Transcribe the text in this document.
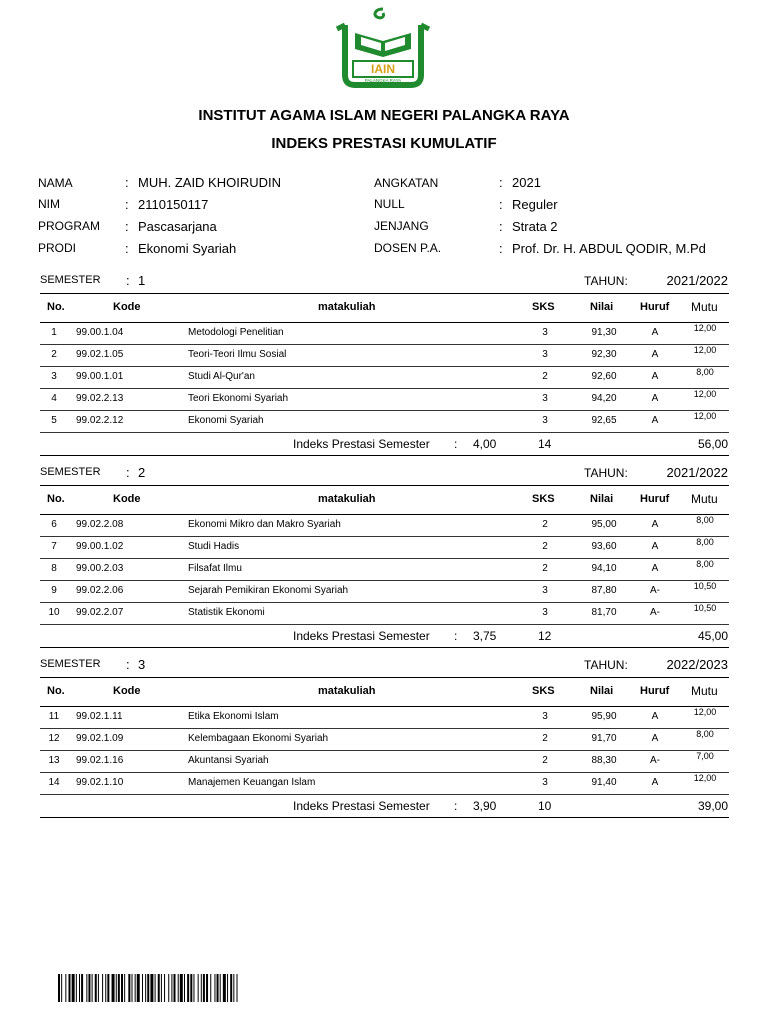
IAIN
PALANGKA RAYA
INSTITUT AGAMA ISLAM NEGERI PALANGKA RAYA
INDEKS PRESTASI KUMULATIF
NAMA	: MUH. ZAID KHOIRUDIN
NIM	: 2110150117
PROGRAM : Pascasarjana
PRODI	: Ekonomi Syariah
ANGKATAN	: 2021
NULL	: Reguler
JENJANG	: Strata 2
DOSEN P.A.	: Prof. Dr. H. ABDUL QODIR, M.Pd
SEMESTER : 1	TAHUN:	2021/2022
No.	Kode	matakuliah	SKS	Nilai Huruf Mutu
1	99.00.1.04	Metodologi Penelitian	3	91,30	A	12,00
2	99.02.1.05	Teori-Teori Ilmu Sosial	3	92,30	A	12,00
3	99.00.1.01	Studi Al-Qur'an	2	92,60	A	8,00
4	99.02.2.13	Teori Ekonomi Syariah	3	94,20	A	12,00
5	99.02.2.12	Ekonomi Syariah	3	92,65	A	12,00
Indeks Prestasi Semester : 4,00	14	56,00
SEMESTER : 2	TAHUN:	2021/2022
No.	Kode	matakuliah	SKS	Nilai Huruf Mutu
6	99.02.2.08	Ekonomi Mikro dan Makro Syariah	2	95,00	A	8,00
7	99.00.1.02	Studi Hadis	2	93,60	A	8,00
8	99.00.2.03	Filsafat Ilmu	2	94,10	A	8,00
9	99.02.2.06	Sejarah Pemikiran Ekonomi Syariah	3	87,80	A-	10,50
10	99.02.2.07	Statistik Ekonomi	3	81,70	A-	10,50
Indeks Prestasi Semester : 3,75	12	45,00
SEMESTER : 3	TAHUN:	2022/2023
No.	Kode	matakuliah	SKS	Nilai Huruf Mutu
11	99.02.1.11	Etika Ekonomi Islam	3	95,90	A	12,00
12	99.02.1.09	Kelembagaan Ekonomi Syariah	2	91,70	A	8,00
13	99.02.1.16	Akuntansi Syariah	2	88,30	A-	7,00
14	99.02.1.10	Manajemen Keuangan Islam	3	91,40	A	12,00
Indeks Prestasi Semester : 3,90	10	39,00
